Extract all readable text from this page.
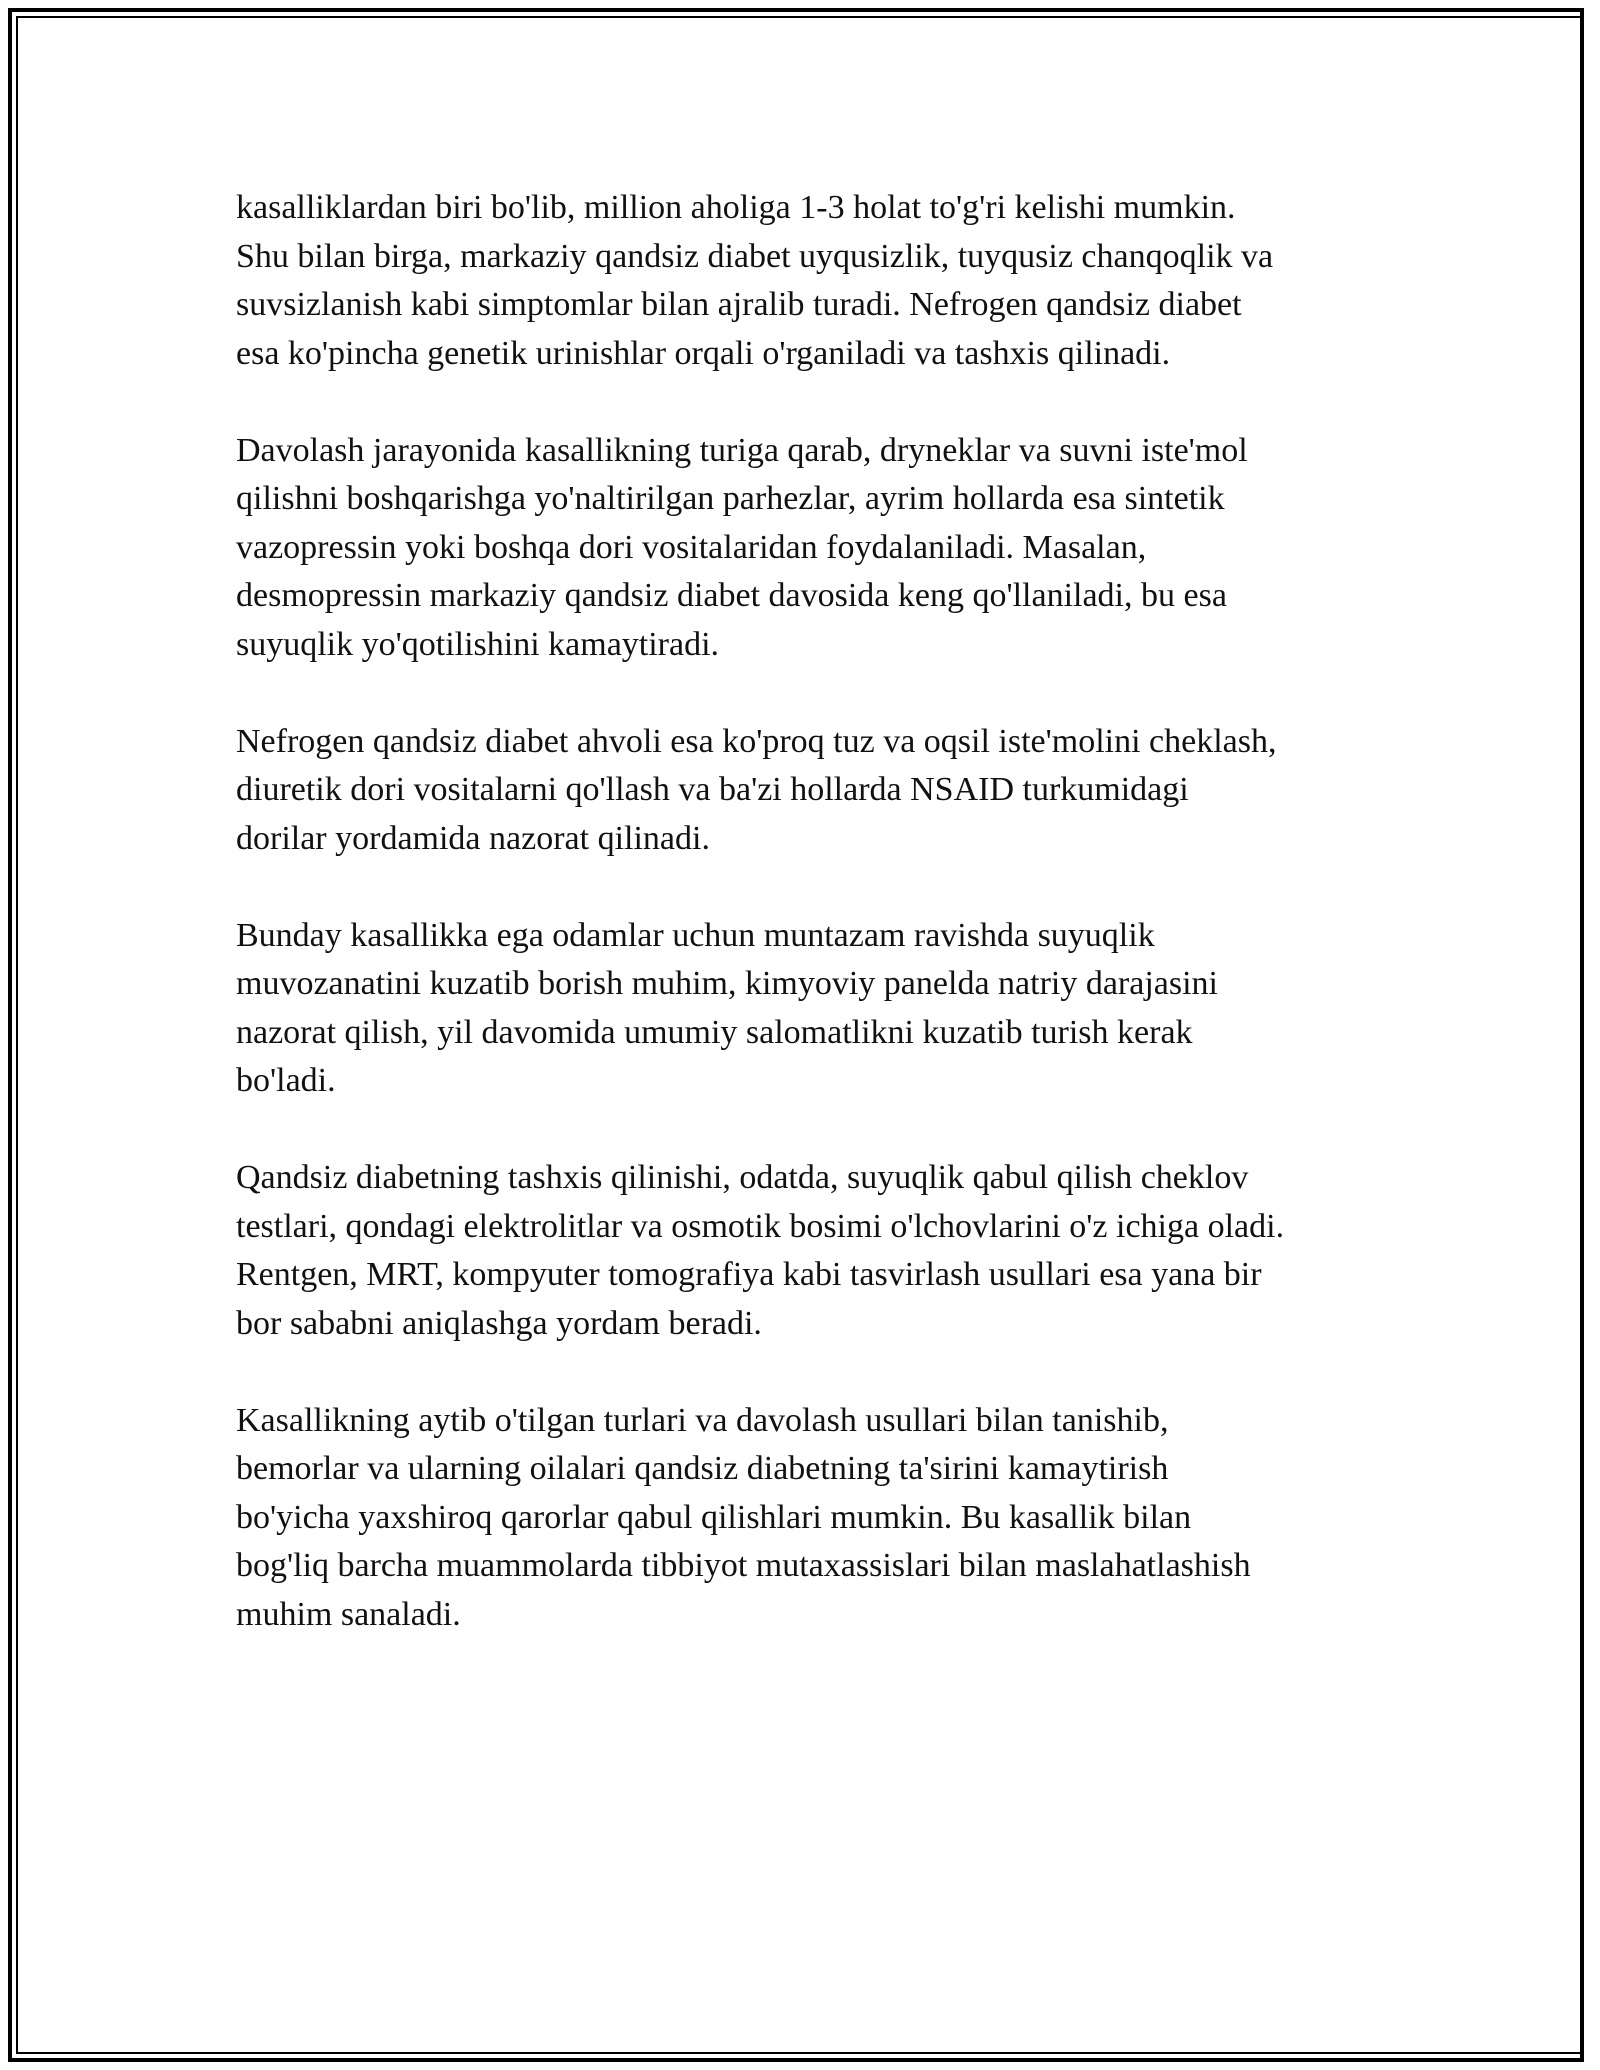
kasalliklardan biri bo'lib, million aholiga 1-3 holat to'g'ri kelishi mumkin.
Shu bilan birga, markaziy qandsiz diabet uyqusizlik, tuyqusiz chanqoqlik va
suvsizlanish kabi simptomlar bilan ajralib turadi. Nefrogen qandsiz diabet
esa ko'pincha genetik urinishlar orqali o'rganiladi va tashxis qilinadi.

Davolash jarayonida kasallikning turiga qarab, dryneklar va suvni iste'mol
qilishni boshqarishga yo'naltirilgan parhezlar, ayrim hollarda esa sintetik
vazopressin yoki boshqa dori vositalaridan foydalaniladi. Masalan,
desmopressin markaziy qandsiz diabet davosida keng qo'llaniladi, bu esa
suyuqlik yo'qotilishini kamaytiradi.

Nefrogen qandsiz diabet ahvoli esa ko'proq tuz va oqsil iste'molini cheklash,
diuretik dori vositalarni qo'llash va ba'zi hollarda NSAID turkumidagi
dorilar yordamida nazorat qilinadi.

Bunday kasallikka ega odamlar uchun muntazam ravishda suyuqlik
muvozanatini kuzatib borish muhim, kimyoviy panelda natriy darajasini
nazorat qilish, yil davomida umumiy salomatlikni kuzatib turish kerak
bo'ladi.

Qandsiz diabetning tashxis qilinishi, odatda, suyuqlik qabul qilish cheklov
testlari, qondagi elektrolitlar va osmotik bosimi o'lchovlarini o'z ichiga oladi.
Rentgen, MRT, kompyuter tomografiya kabi tasvirlash usullari esa yana bir
bor sababni aniqlashga yordam beradi.

Kasallikning aytib o'tilgan turlari va davolash usullari bilan tanishib,
bemorlar va ularning oilalari qandsiz diabetning ta'sirini kamaytirish
bo'yicha yaxshiroq qarorlar qabul qilishlari mumkin. Bu kasallik bilan
bog'liq barcha muammolarda tibbiyot mutaxassislari bilan maslahatlashish
muhim sanaladi.
